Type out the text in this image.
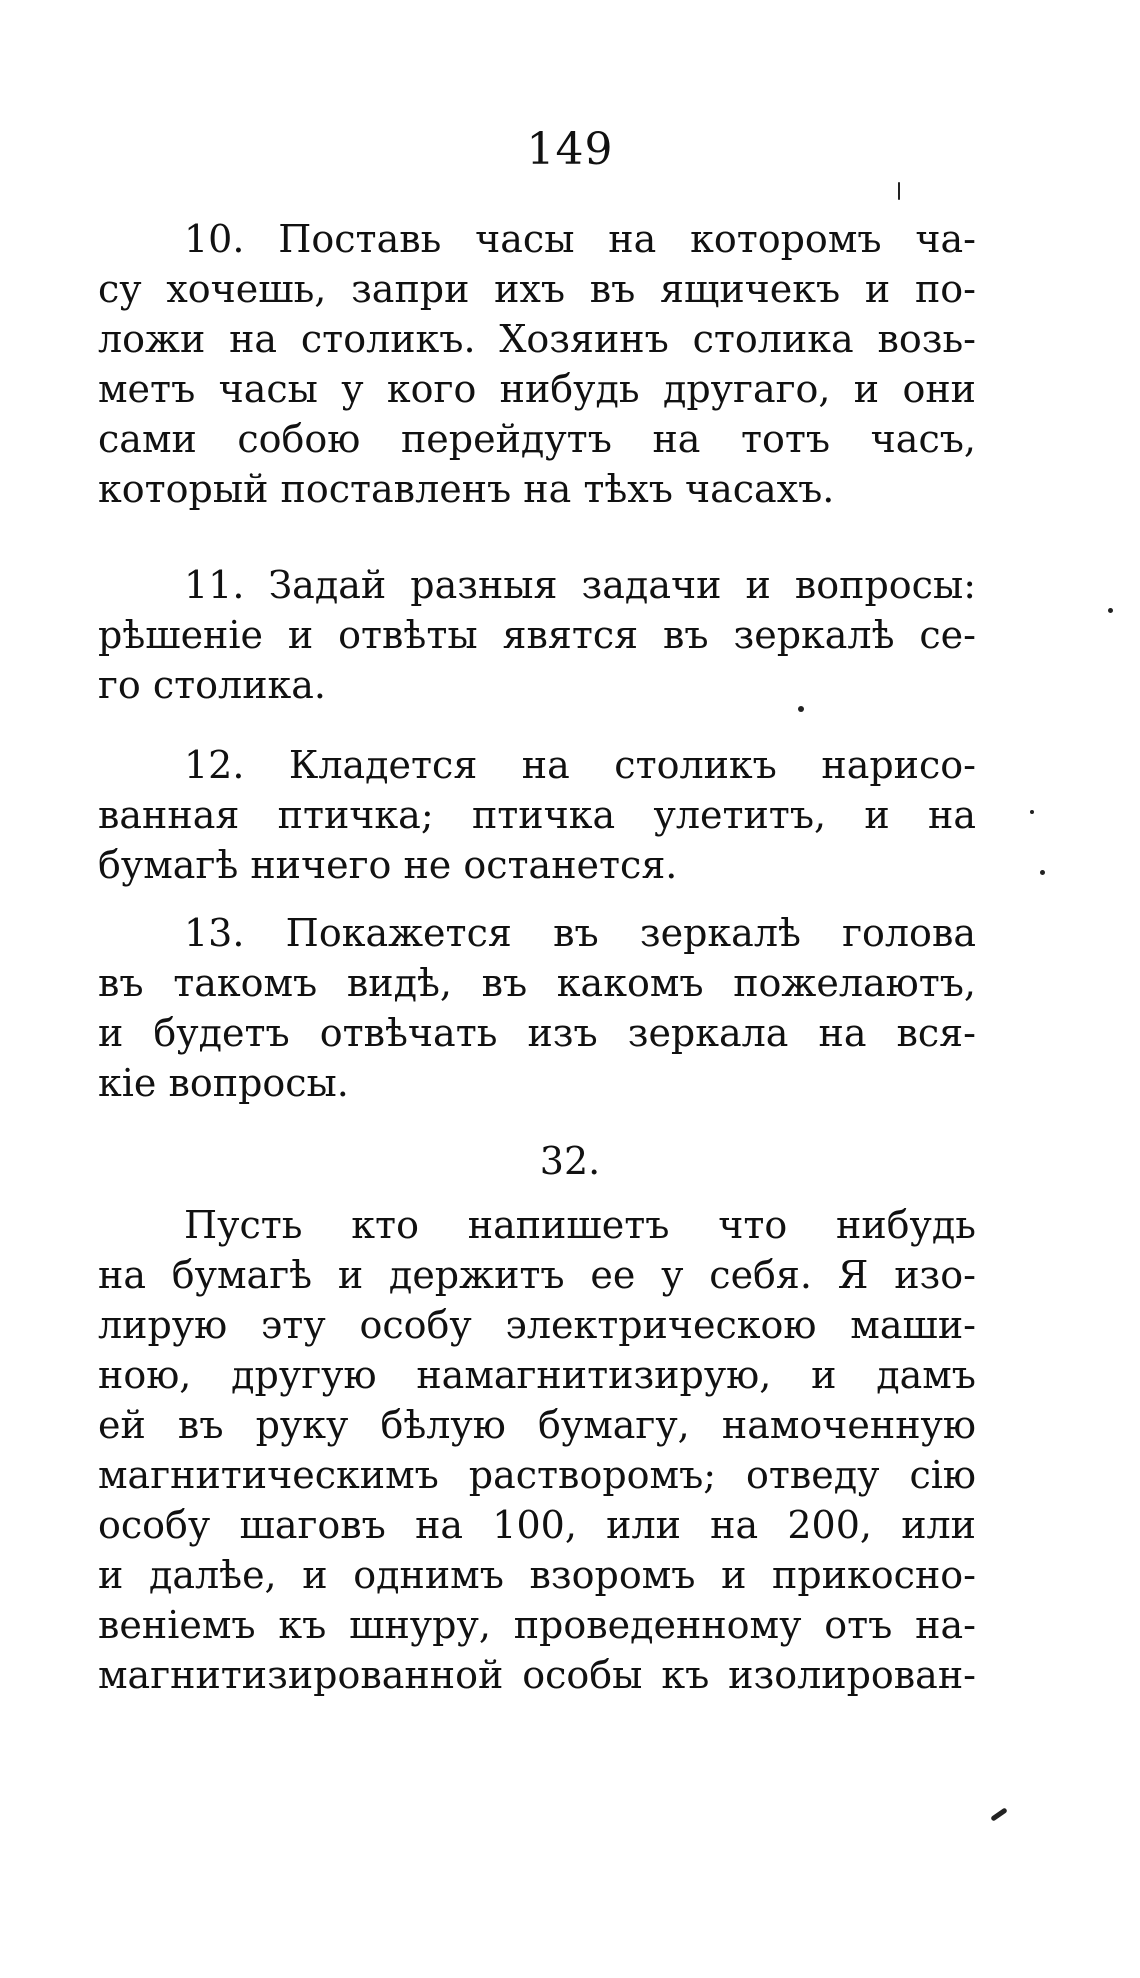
149
10. Поставь часы на которомъ ча-
су хочешь, запри ихъ въ ящичекъ и по-
ложи на столикъ. Хозяинъ столика возь-
метъ часы у кого нибудь другаго, и они
сами собою перейдутъ на тотъ часъ,
который поставленъ на тѣхъ часахъ.
11. Задай разныя задачи и вопросы:
рѣшеніе и отвѣты явятся въ зеркалѣ се-
го столика.
12. Кладется на столикъ нарисо-
ванная птичка; птичка улетитъ, и на
бумагѣ ничего не останется.
13. Покажется въ зеркалѣ голова
въ такомъ видѣ, въ какомъ пожелаютъ,
и будетъ отвѣчать изъ зеркала на вся-
кіе вопросы.
32.
Пусть кто напишетъ что нибудь
на бумагѣ и держитъ ее у себя. Я изо-
лирую эту особу электрическою маши-
ною, другую намагнитизирую, и дамъ
ей въ руку бѣлую бумагу, намоченную
магнитическимъ растворомъ; отведу сію
особу шаговъ на 100, или на 200, или
и далѣе, и однимъ взоромъ и прикосно-
веніемъ къ шнуру, проведенному отъ на-
магнитизированной особы къ изолирован-
